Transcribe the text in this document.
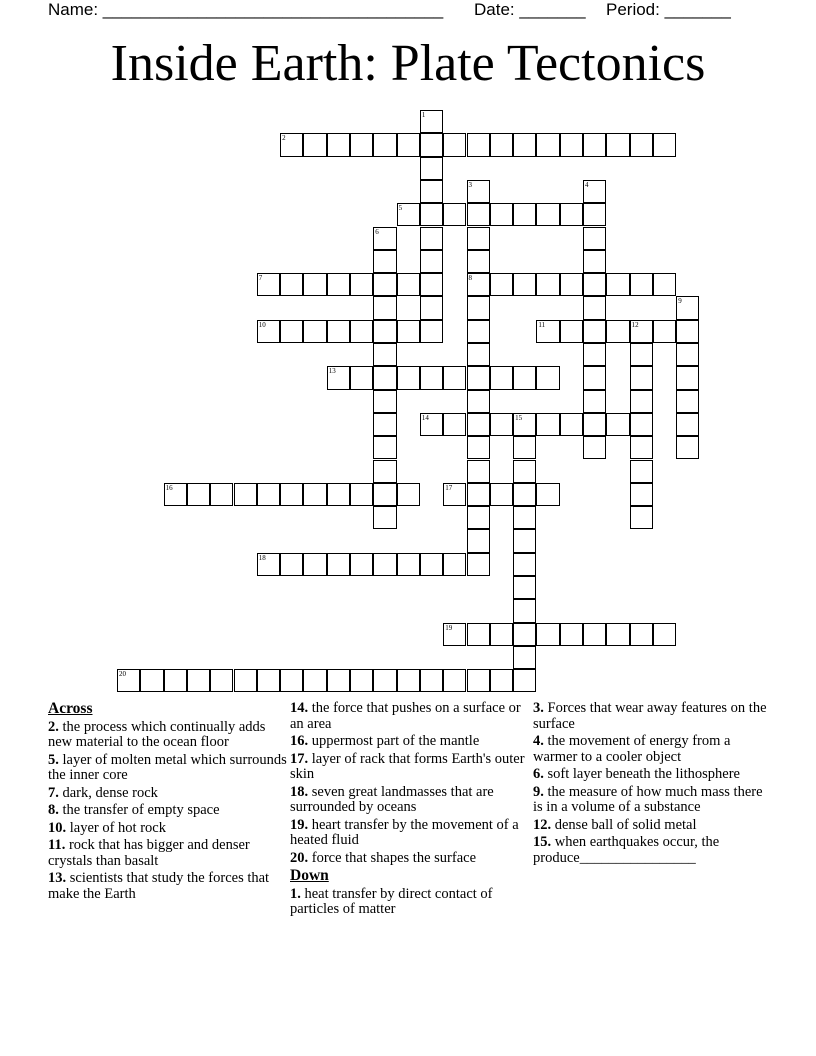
Name: ____________________________________ Date: _______ Period: _______
Inside Earth: Plate Tectonics
1
2
3	4
5
6
7	8
9
10	11	12
13
14	15
16	17
18
19
20
Across
2. the process which continually adds new material to the ocean floor
5. layer of molten metal which surrounds the inner core
7. dark, dense rock
8. the transfer of empty space
10. layer of hot rock
11. rock that has bigger and denser crystals than basalt
13. scientists that study the forces that make the Earth
14. the force that pushes on a surface or an area
16. uppermost part of the mantle
17. layer of rack that forms Earth's outer skin
18. seven great landmasses that are surrounded by oceans
19. heart transfer by the movement of a heated fluid
20. force that shapes the surface
Down
1. heat transfer by direct contact of particles of matter
3. Forces that wear away features on the surface
4. the movement of energy from a warmer to a cooler object
6. soft layer beneath the lithosphere
9. the measure of how much mass there is in a volume of a substance
12. dense ball of solid metal
15. when earthquakes occur, the produce________________
